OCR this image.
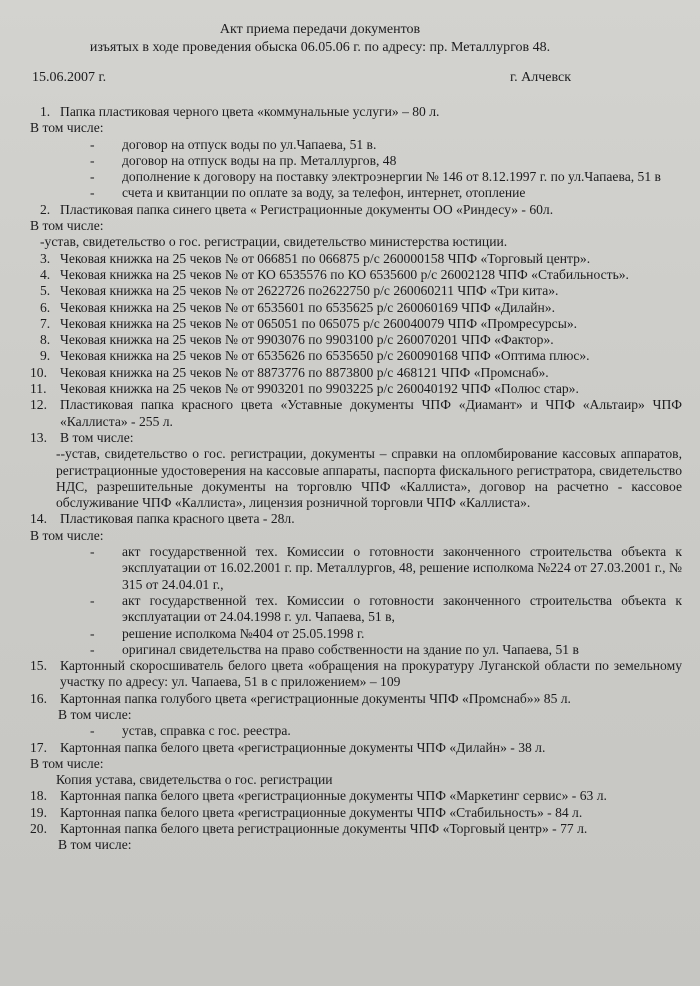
Акт приема передачи документов
изъятых в ходе проведения обыска 06.05.06 г. по адресу: пр. Металлургов 48.
15.06.2007 г.	г. Алчевск
1. Папка пластиковая черного цвета «коммунальные услуги» – 80 л.
В том числе:
-	договор на отпуск воды по ул.Чапаева, 51 в.
-	договор на отпуск воды на пр. Металлургов, 48
-	дополнение к договору на поставку электроэнергии № 146 от 8.12.1997 г. по ул.Чапаева, 51 в
-	счета и квитанции по оплате за воду, за телефон, интернет, отопление
2. Пластиковая папка синего цвета « Регистрационные документы ОО «Риндесу» - 60л.
В том числе:
-устав, свидетельство о гос. регистрации, свидетельство министерства юстиции.
3. Чековая книжка на 25 чеков № от 066851 по 066875 р/с 260000158 ЧПФ «Торговый центр».
4. Чековая книжка на 25 чеков № от КО 6535576 по КО 6535600 р/с 26002128 ЧПФ «Стабильность».
5. Чековая книжка на 25 чеков № от 2622726 по2622750 р/с 260060211 ЧПФ «Три кита».
6. Чековая книжка на 25 чеков № от 6535601 по 6535625 р/с 260060169 ЧПФ «Дилайн».
7. Чековая книжка на 25 чеков № от 065051 по 065075 р/с 260040079 ЧПФ «Промресурсы».
8. Чековая книжка на 25 чеков № от 9903076 по 9903100 р/с 260070201 ЧПФ «Фактор».
9. Чековая книжка на 25 чеков № от 6535626 по 6535650 р/с 260090168 ЧПФ «Оптима плюс».
10. Чековая книжка на 25 чеков № от 8873776 по 8873800 р/с 468121 ЧПФ «Промснаб».
11. Чековая книжка на 25 чеков № от 9903201 по 9903225 р/с 260040192 ЧПФ «Полюс стар».
12. Пластиковая папка красного цвета «Уставные документы ЧПФ «Диамант» и ЧПФ «Альтаир» ЧПФ «Каллиста» - 255 л.
13. В том числе:
--устав, свидетельство о гос. регистрации, документы – справки на опломбирование кассовых аппаратов, регистрационные удостоверения на кассовые аппараты, паспорта фискального регистратора, свидетельство НДС, разрешительные документы на торговлю ЧПФ «Каллиста», договор на расчетно - кассовое обслуживание ЧПФ «Каллиста», лицензия розничной торговли ЧПФ «Каллиста».
14. Пластиковая папка красного цвета - 28л.
В том числе:
-	акт государственной тех. Комиссии о готовности законченного строительства объекта к эксплуатации от 16.02.2001 г. пр. Металлургов, 48, решение исполкома №224 от 27.03.2001 г., № 315 от 24.04.01 г.,
-	акт государственной тех. Комиссии о готовности законченного строительства объекта к эксплуатации от 24.04.1998 г. ул. Чапаева, 51 в,
-	решение исполкома №404 от 25.05.1998 г.
-	оригинал свидетельства на право собственности на здание по ул. Чапаева, 51 в
15. Картонный скоросшиватель белого цвета «обращения на прокуратуру Луганской области по земельному участку по адресу: ул. Чапаева, 51 в с приложением» – 109
16. Картонная папка голубого цвета «регистрационные документы ЧПФ «Промснаб»» 85 л.
В том числе:
-	устав, справка с гос. реестра.
17. Картонная папка белого цвета «регистрационные документы ЧПФ «Дилайн» - 38 л.
В том числе:
Копия устава, свидетельства о гос. регистрации
18. Картонная папка белого цвета «регистрационные документы ЧПФ «Маркетинг сервис» - 63 л.
19. Картонная папка белого цвета «регистрационные документы ЧПФ «Стабильность» - 84 л.
20. Картонная папка белого цвета регистрационные документы ЧПФ «Торговый центр» - 77 л.
В том числе:
